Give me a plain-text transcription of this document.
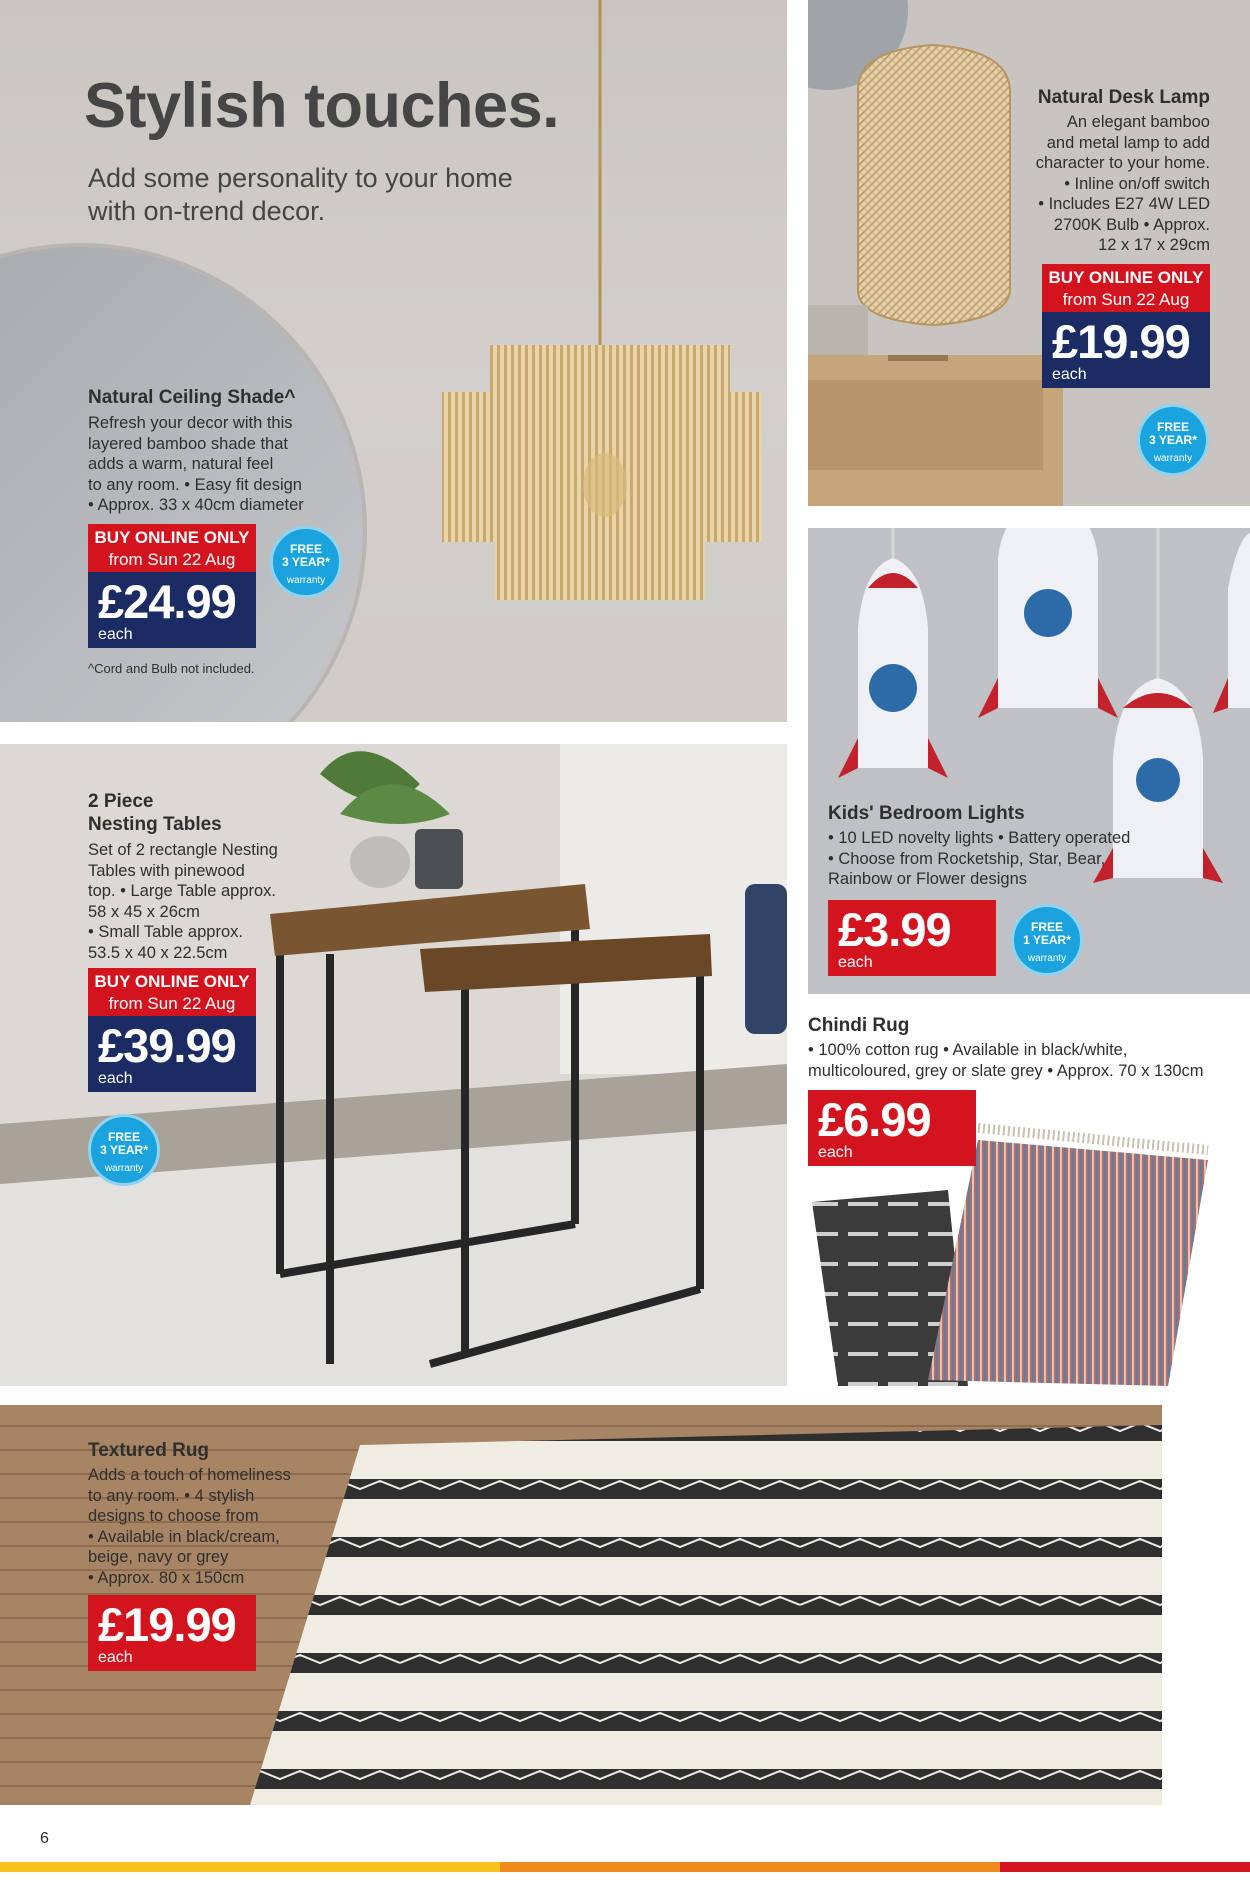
Stylish touches.
Add some personality to your home
with on-trend decor.
Natural Ceiling Shade^
Refresh your decor with this
layered bamboo shade that
adds a warm, natural feel
to any room. • Easy fit design
• Approx. 33 x 40cm diameter
BUY ONLINE ONLY
from Sun 22 Aug
£24.99
each
FREE
3 YEAR*
warranty
^Cord and Bulb not included.
Natural Desk Lamp
An elegant bamboo
and metal lamp to add
character to your home.
• Inline on/off switch
• Includes E27 4W LED
2700K Bulb • Approx.
12 x 17 x 29cm
BUY ONLINE ONLY
from Sun 22 Aug
£19.99
each
FREE
3 YEAR*
warranty
Kids' Bedroom Lights
• 10 LED novelty lights • Battery operated
• Choose from Rocketship, Star, Bear,
Rainbow or Flower designs
£3.99
each
FREE
1 YEAR*
warranty
2 Piece
Nesting Tables
Set of 2 rectangle Nesting
Tables with pinewood
top. • Large Table approx.
58 x 45 x 26cm
• Small Table approx.
53.5 x 40 x 22.5cm
BUY ONLINE ONLY
from Sun 22 Aug
£39.99
each
FREE
3 YEAR*
warranty
Chindi Rug
• 100% cotton rug • Available in black/white,
multicoloured, grey or slate grey • Approx. 70 x 130cm
£6.99
each
Textured Rug
Adds a touch of homeliness
to any room. • 4 stylish
designs to choose from
• Available in black/cream,
beige, navy or grey
• Approx. 80 x 150cm
£19.99
each
6
